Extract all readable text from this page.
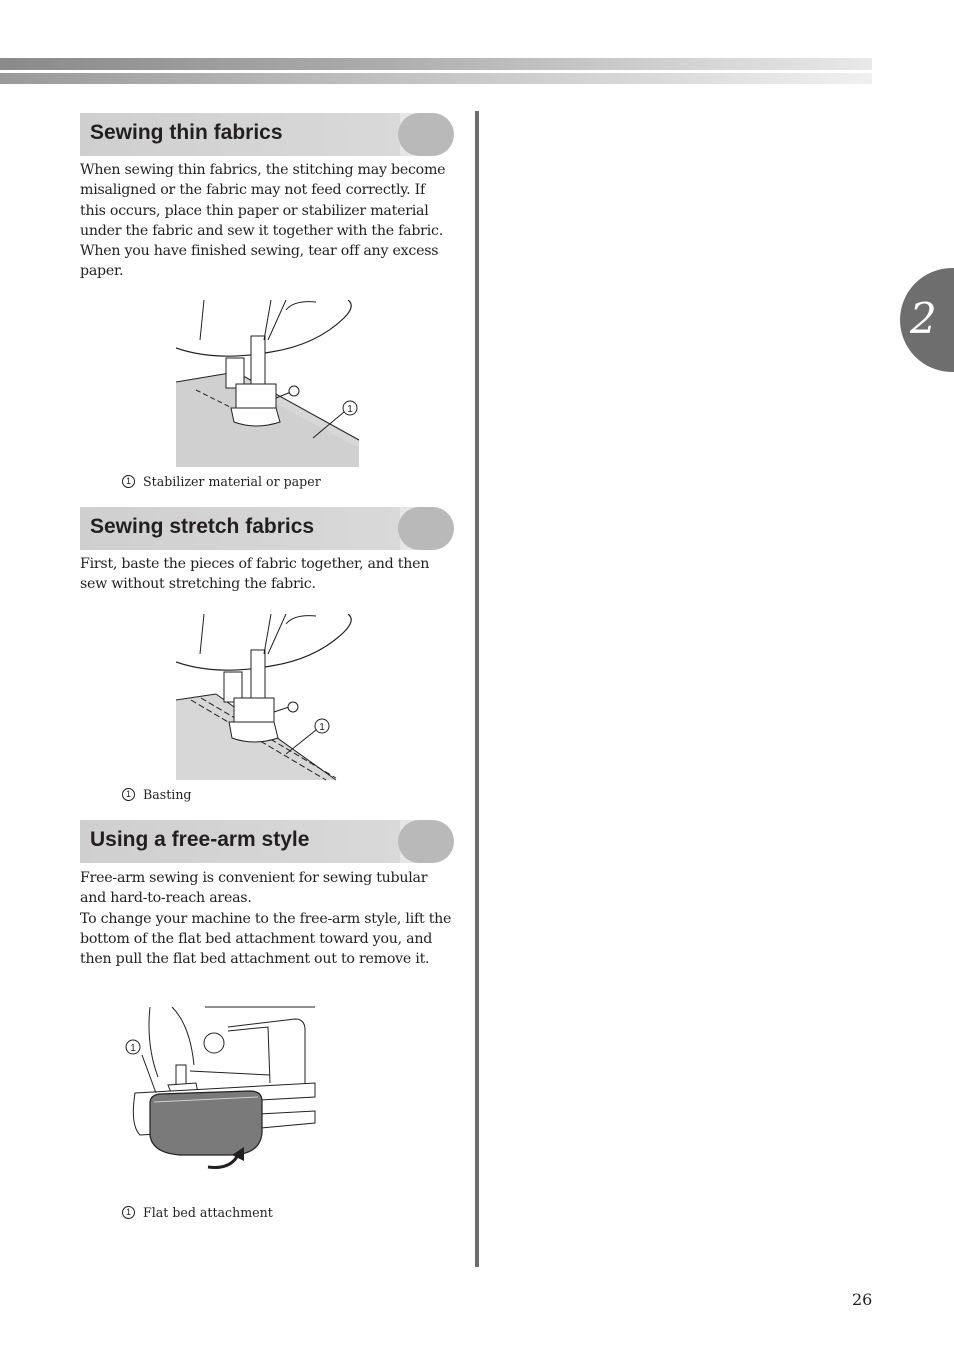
2
Sewing thin fabrics
When sewing thin fabrics, the stitching may become
misaligned or the fabric may not feed correctly. If
this occurs, place thin paper or stabilizer material
under the fabric and sew it together with the fabric.
When you have finished sewing, tear off any excess
paper.
1

1 Stabilizer material or paper

Sewing stretch fabrics
First, baste the pieces of fabric together, and then
sew without stretching the fabric.
1

1 Basting

Using a free-arm style
Free-arm sewing is convenient for sewing tubular
and hard-to-reach areas.
To change your machine to the free-arm style, lift the
bottom of the flat bed attachment toward you, and
then pull the flat bed attachment out to remove it.
1

1 Flat bed attachment

26
